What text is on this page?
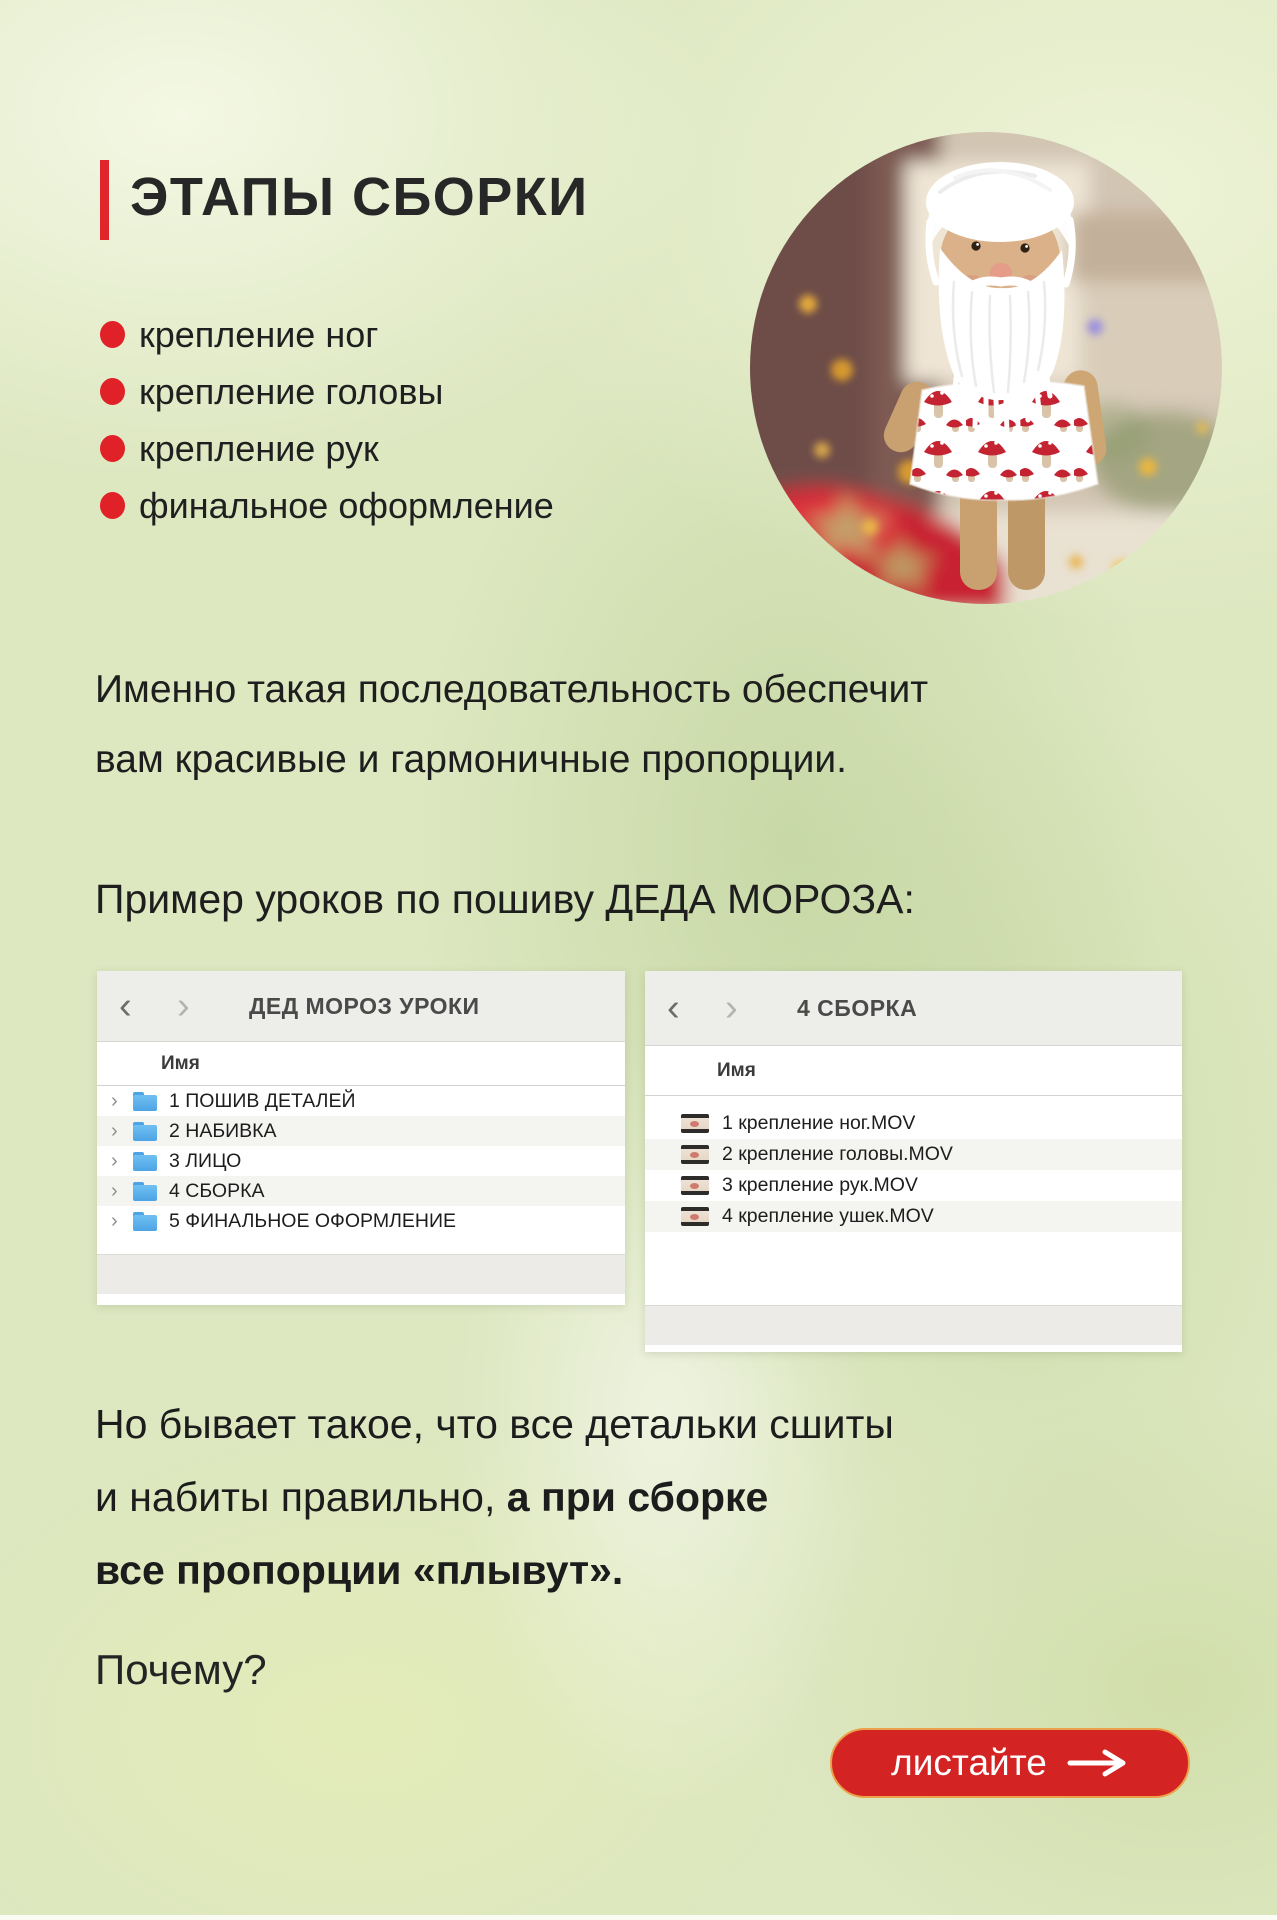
ЭТАПЫ СБОРКИ
крепление ног
крепление головы
крепление рук
финальное оформление

Именно такая последовательность обеспечит
вам красивые и гармоничные пропорции.

Пример уроков по пошиву ДЕДА МОРОЗА:

‹	›	ДЕД МОРОЗ УРОКИ
Имя
›	1 ПОШИВ ДЕТАЛЕЙ
›	2 НАБИВКА
›	3 ЛИЦО
›	4 СБОРКА
›	5 ФИНАЛЬНОЕ ОФОРМЛЕНИЕ
‹	›	4 СБОРКА
Имя
1 крепление ног.MOV
2 крепление головы.MOV
3 крепление рук.MOV
4 крепление ушек.MOV

Но бывает такое, что все детальки сшиты
и набиты правильно, а при сборке
все пропорции «плывут».

Почему?

листайте
